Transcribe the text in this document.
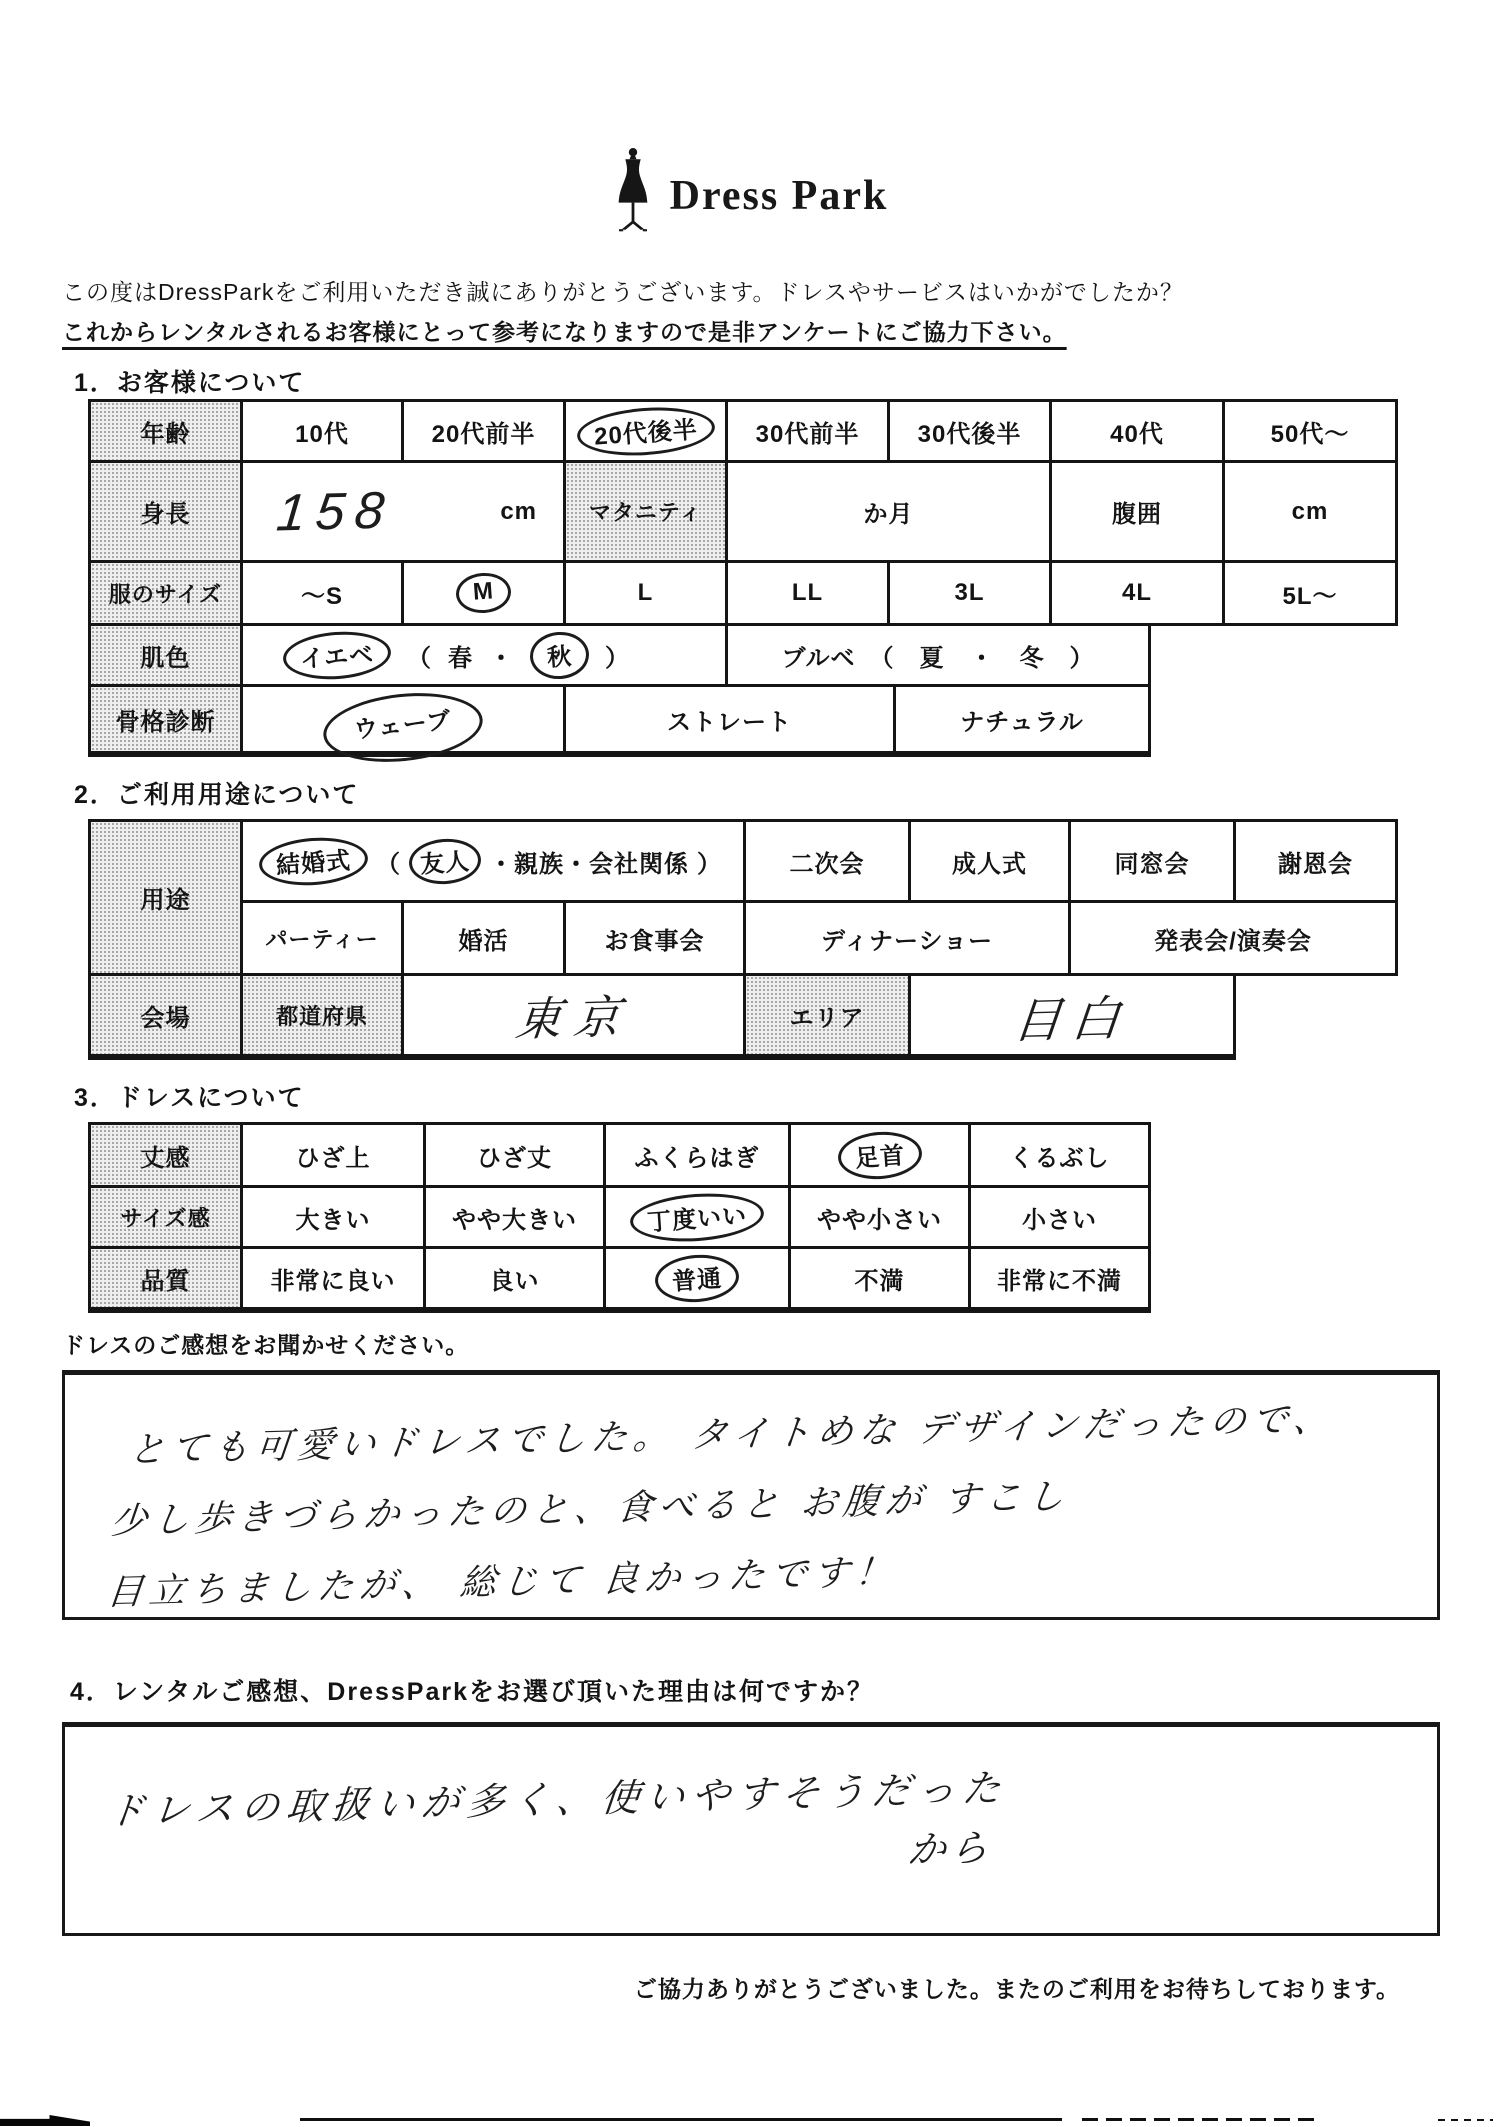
Dress Park

この度はDressParkをご利用いただき誠にありがとうございます。ドレスやサービスはいかがでしたか？

これからレンタルされるお客様にとって参考になりますので是非アンケートにご協力下さい。

1．お客様について
年齢	10代	20代前半	20代後半	30代前半	30代後半	40代	50代～
身長	158	cm	マタニティ	か月	腹囲	cm
服のサイズ	～S	M	L	LL	3L	4L	5L～
肌色	イエベ	（ 春 ・	秋	）	ブルベ （　夏　・　冬　）
骨格診断	ウェーブ	ストレート	ナチュラル
2．ご利用用途について
用途
結婚式	（ 友人 ・親族・会社関係 ）	二次会	成人式	同窓会	謝恩会
パーティー	婚活	お食事会	ディナーショー	発表会/演奏会
会場	都道府県	東京	エリア	目白
3．ドレスについて
丈感	ひざ上	ひざ丈	ふくらはぎ	足首	くるぶし
サイズ感	大きい	やや大きい	丁度いい	やや小さい	小さい
品質	非常に良い	良い	普通	不満	非常に不満

ドレスのご感想をお聞かせください。

とても可愛いドレスでした。 タイトめな デザインだったので、
少し歩きづらかったのと、食べると お腹が すこし
目立ちましたが、 総じて 良かったです！
4．レンタルご感想、DressParkをお選び頂いた理由は何ですか？
ドレスの取扱いが多く、使いやすそうだった
から

ご協力ありがとうございました。またのご利用をお待ちしております。
